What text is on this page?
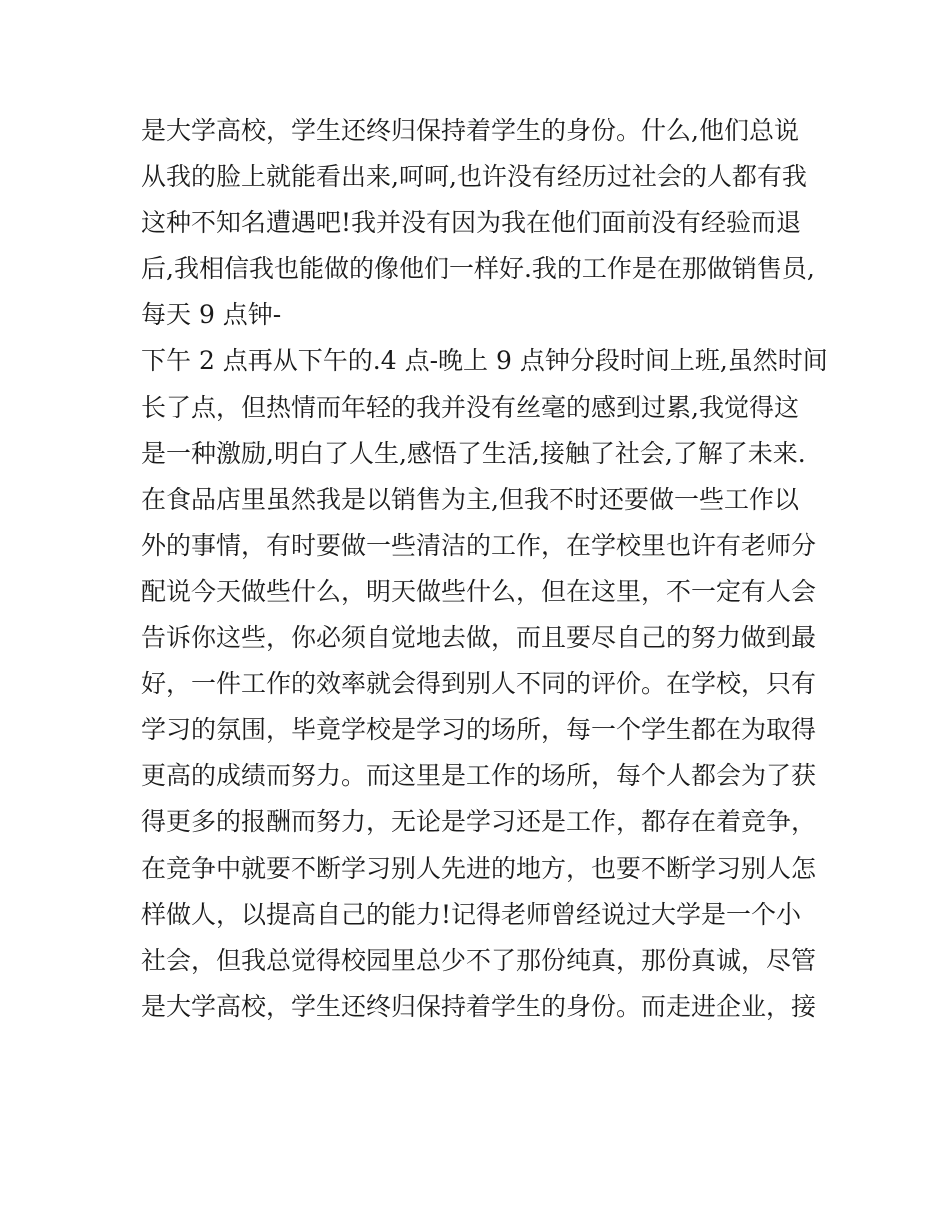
是大学高校，学生还终归保持着学生的身份。什么,他们总说
从我的脸上就能看出来,呵呵,也许没有经历过社会的人都有我
这种不知名遭遇吧!我并没有因为我在他们面前没有经验而退
后,我相信我也能做的像他们一样好.我的工作是在那做销售员,
每天 9 点钟-
下午 2 点再从下午的.4 点-晚上 9 点钟分段时间上班,虽然时间
长了点，但热情而年轻的我并没有丝毫的感到过累,我觉得这
是一种激励,明白了人生,感悟了生活,接触了社会,了解了未来.
在食品店里虽然我是以销售为主,但我不时还要做一些工作以
外的事情，有时要做一些清洁的工作，在学校里也许有老师分
配说今天做些什么，明天做些什么，但在这里，不一定有人会
告诉你这些，你必须自觉地去做，而且要尽自己的努力做到最
好，一件工作的效率就会得到别人不同的评价。在学校，只有
学习的氛围，毕竟学校是学习的场所，每一个学生都在为取得
更高的成绩而努力。而这里是工作的场所，每个人都会为了获
得更多的报酬而努力，无论是学习还是工作，都存在着竞争，
在竞争中就要不断学习别人先进的地方，也要不断学习别人怎
样做人，以提高自己的能力!记得老师曾经说过大学是一个小
社会，但我总觉得校园里总少不了那份纯真，那份真诚，尽管
是大学高校，学生还终归保持着学生的身份。而走进企业，接
